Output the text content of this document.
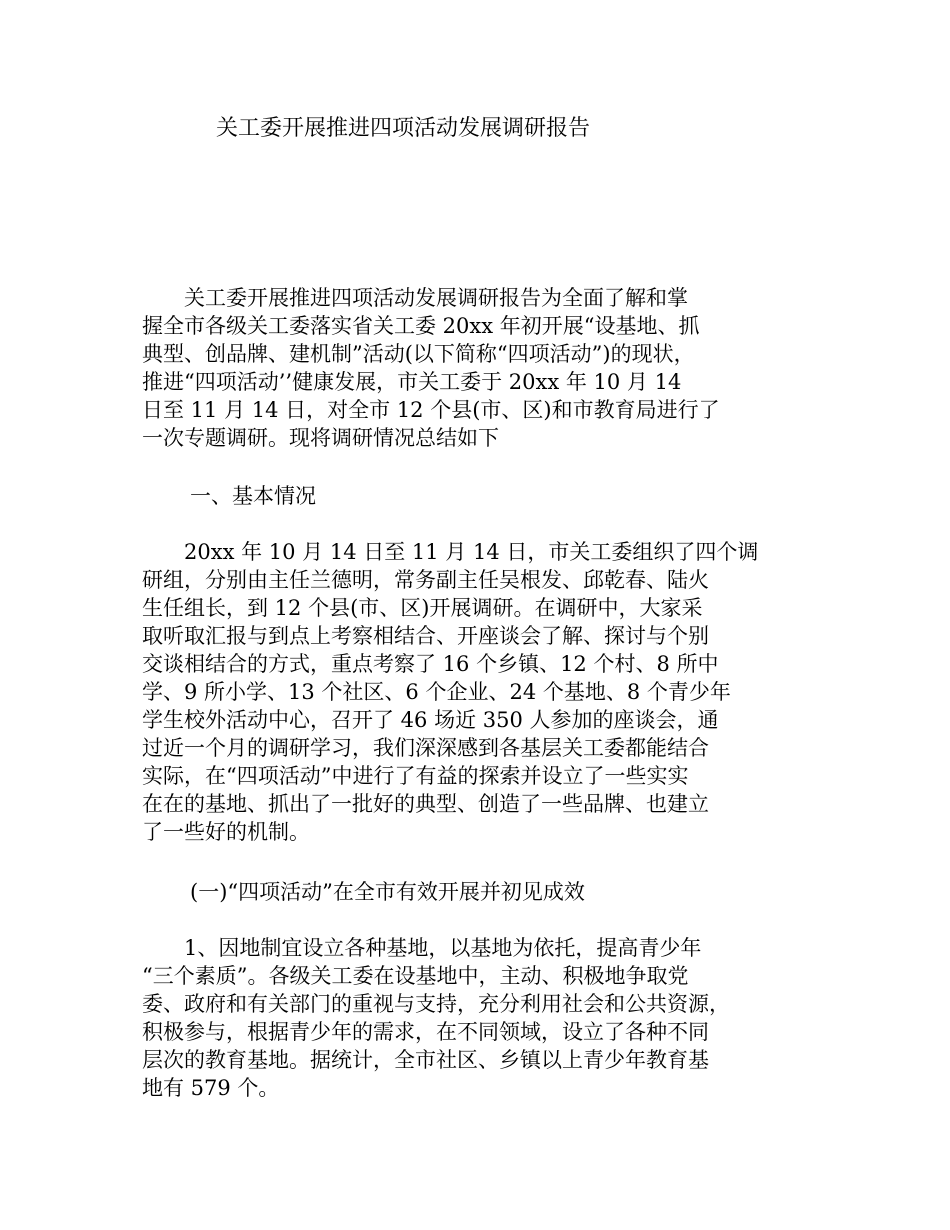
关工委开展推进四项活动发展调研报告
　　关工委开展推进四项活动发展调研报告为全面了解和掌
握全市各级关工委落实省关工委 20xx 年初开展“设基地、抓
典型、创品牌、建机制”活动(以下简称“四项活动”)的现状，
推进“四项活动’’健康发展，市关工委于 20xx 年 10 月 14
日至 11 月 14 日，对全市 12 个县(市、区)和市教育局进行了
一次专题调研。现将调研情况总结如下
一、基本情况
　　20xx 年 10 月 14 日至 11 月 14 日，市关工委组织了四个调
研组，分别由主任兰德明，常务副主任吴根发、邱乾春、陆火
生任组长，到 12 个县(市、区)开展调研。在调研中，大家采
取听取汇报与到点上考察相结合、开座谈会了解、探讨与个别
交谈相结合的方式，重点考察了 16 个乡镇、12 个村、8 所中
学、9 所小学、13 个社区、6 个企业、24 个基地、8 个青少年
学生校外活动中心，召开了 46 场近 350 人参加的座谈会，通
过近一个月的调研学习，我们深深感到各基层关工委都能结合
实际，在“四项活动”中进行了有益的探索并设立了一些实实
在在的基地、抓出了一批好的典型、创造了一些品牌、也建立
了一些好的机制。
(一)“四项活动”在全市有效开展并初见成效
　　1、因地制宜设立各种基地，以基地为依托，提高青少年
“三个素质”。各级关工委在设基地中，主动、积极地争取党
委、政府和有关部门的重视与支持，充分利用社会和公共资源，
积极参与，根据青少年的需求，在不同领域，设立了各种不同
层次的教育基地。据统计，全市社区、乡镇以上青少年教育基
地有 579 个。
